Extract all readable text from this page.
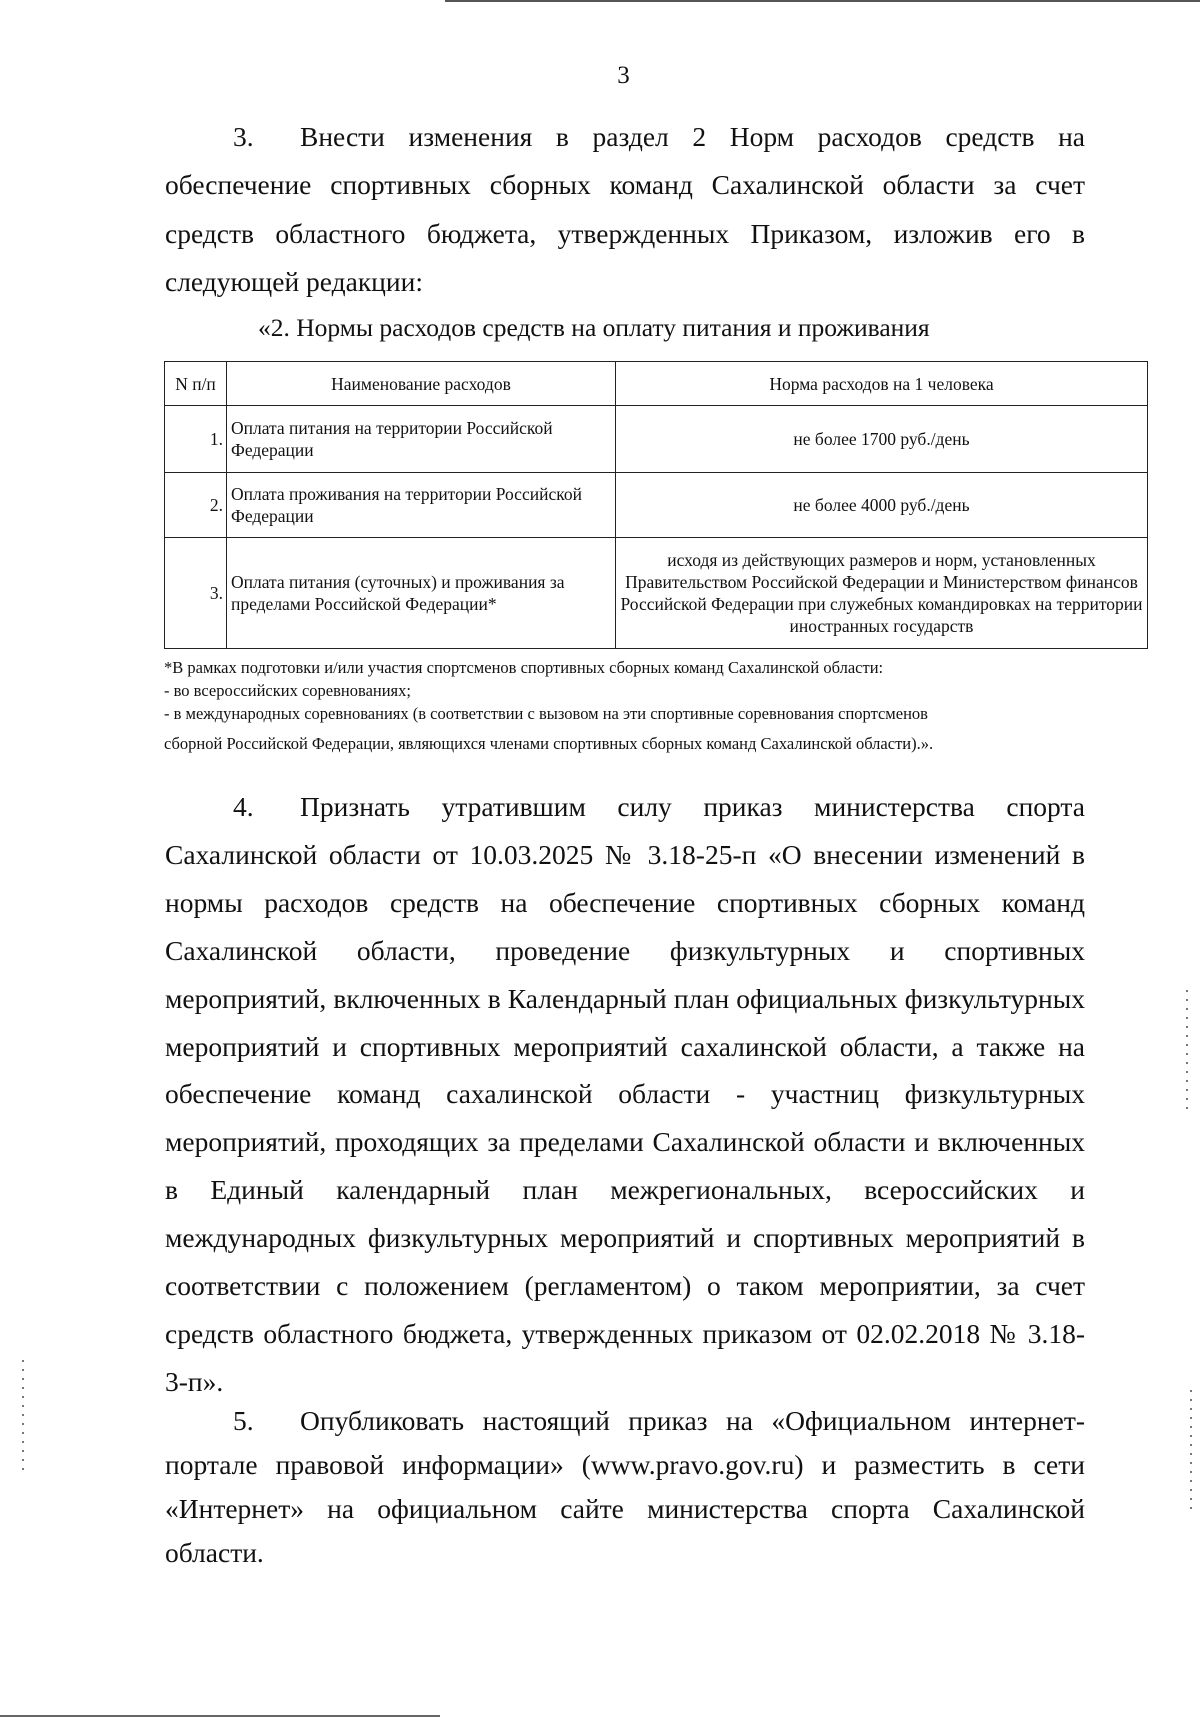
3

3. Внести изменения в раздел 2 Норм расходов средств на обеспечение спортивных сборных команд Сахалинской области за счет средств областного бюджета, утвержденных Приказом, изложив его в следующей редакции:

«2. Нормы расходов средств на оплату питания и проживания
N п/п	Наименование расходов	Норма расходов на 1 человека
1.	Оплата питания на территории Российской Федерации	не более 1700 руб./день
2.	Оплата проживания на территории Российской Федерации	не более 4000 руб./день
3.	Оплата питания (суточных) и проживания за пределами Российской Федерации*	исходя из действующих размеров и норм, установленных Правительством Российской Федерации и Министерством финансов Российской Федерации при служебных командировках на территории иностранных государств
*В рамках подготовки и/или участия спортсменов спортивных сборных команд Сахалинской области:
- во всероссийских соревнованиях;
- в международных соревнованиях (в соответствии с вызовом на эти спортивные соревнования спортсменов
сборной Российской Федерации, являющихся членами спортивных сборных команд Сахалинской области).».

4. Признать утратившим силу приказ министерства спорта Сахалинской области от 10.03.2025 № 3.18-25-п «О внесении изменений в нормы расходов средств на обеспечение спортивных сборных команд Сахалинской области, проведение физкультурных и спортивных мероприятий, включенных в Календарный план официальных физкультурных мероприятий и спортивных мероприятий сахалинской области, а также на обеспечение команд сахалинской области - участниц физкультурных мероприятий, проходящих за пределами Сахалинской области и включенных в Единый календарный план межрегиональных, всероссийских и международных физкультурных мероприятий и спортивных мероприятий в соответствии с положением (регламентом) о таком мероприятии, за счет средств областного бюджета, утвержденных приказом от 02.02.2018 № 3.18-3-п».

5. Опубликовать настоящий приказ на «Официальном интернет-портале правовой информации» (www.pravo.gov.ru) и разместить в сети «Интернет» на официальном сайте министерства спорта Сахалинской области.
